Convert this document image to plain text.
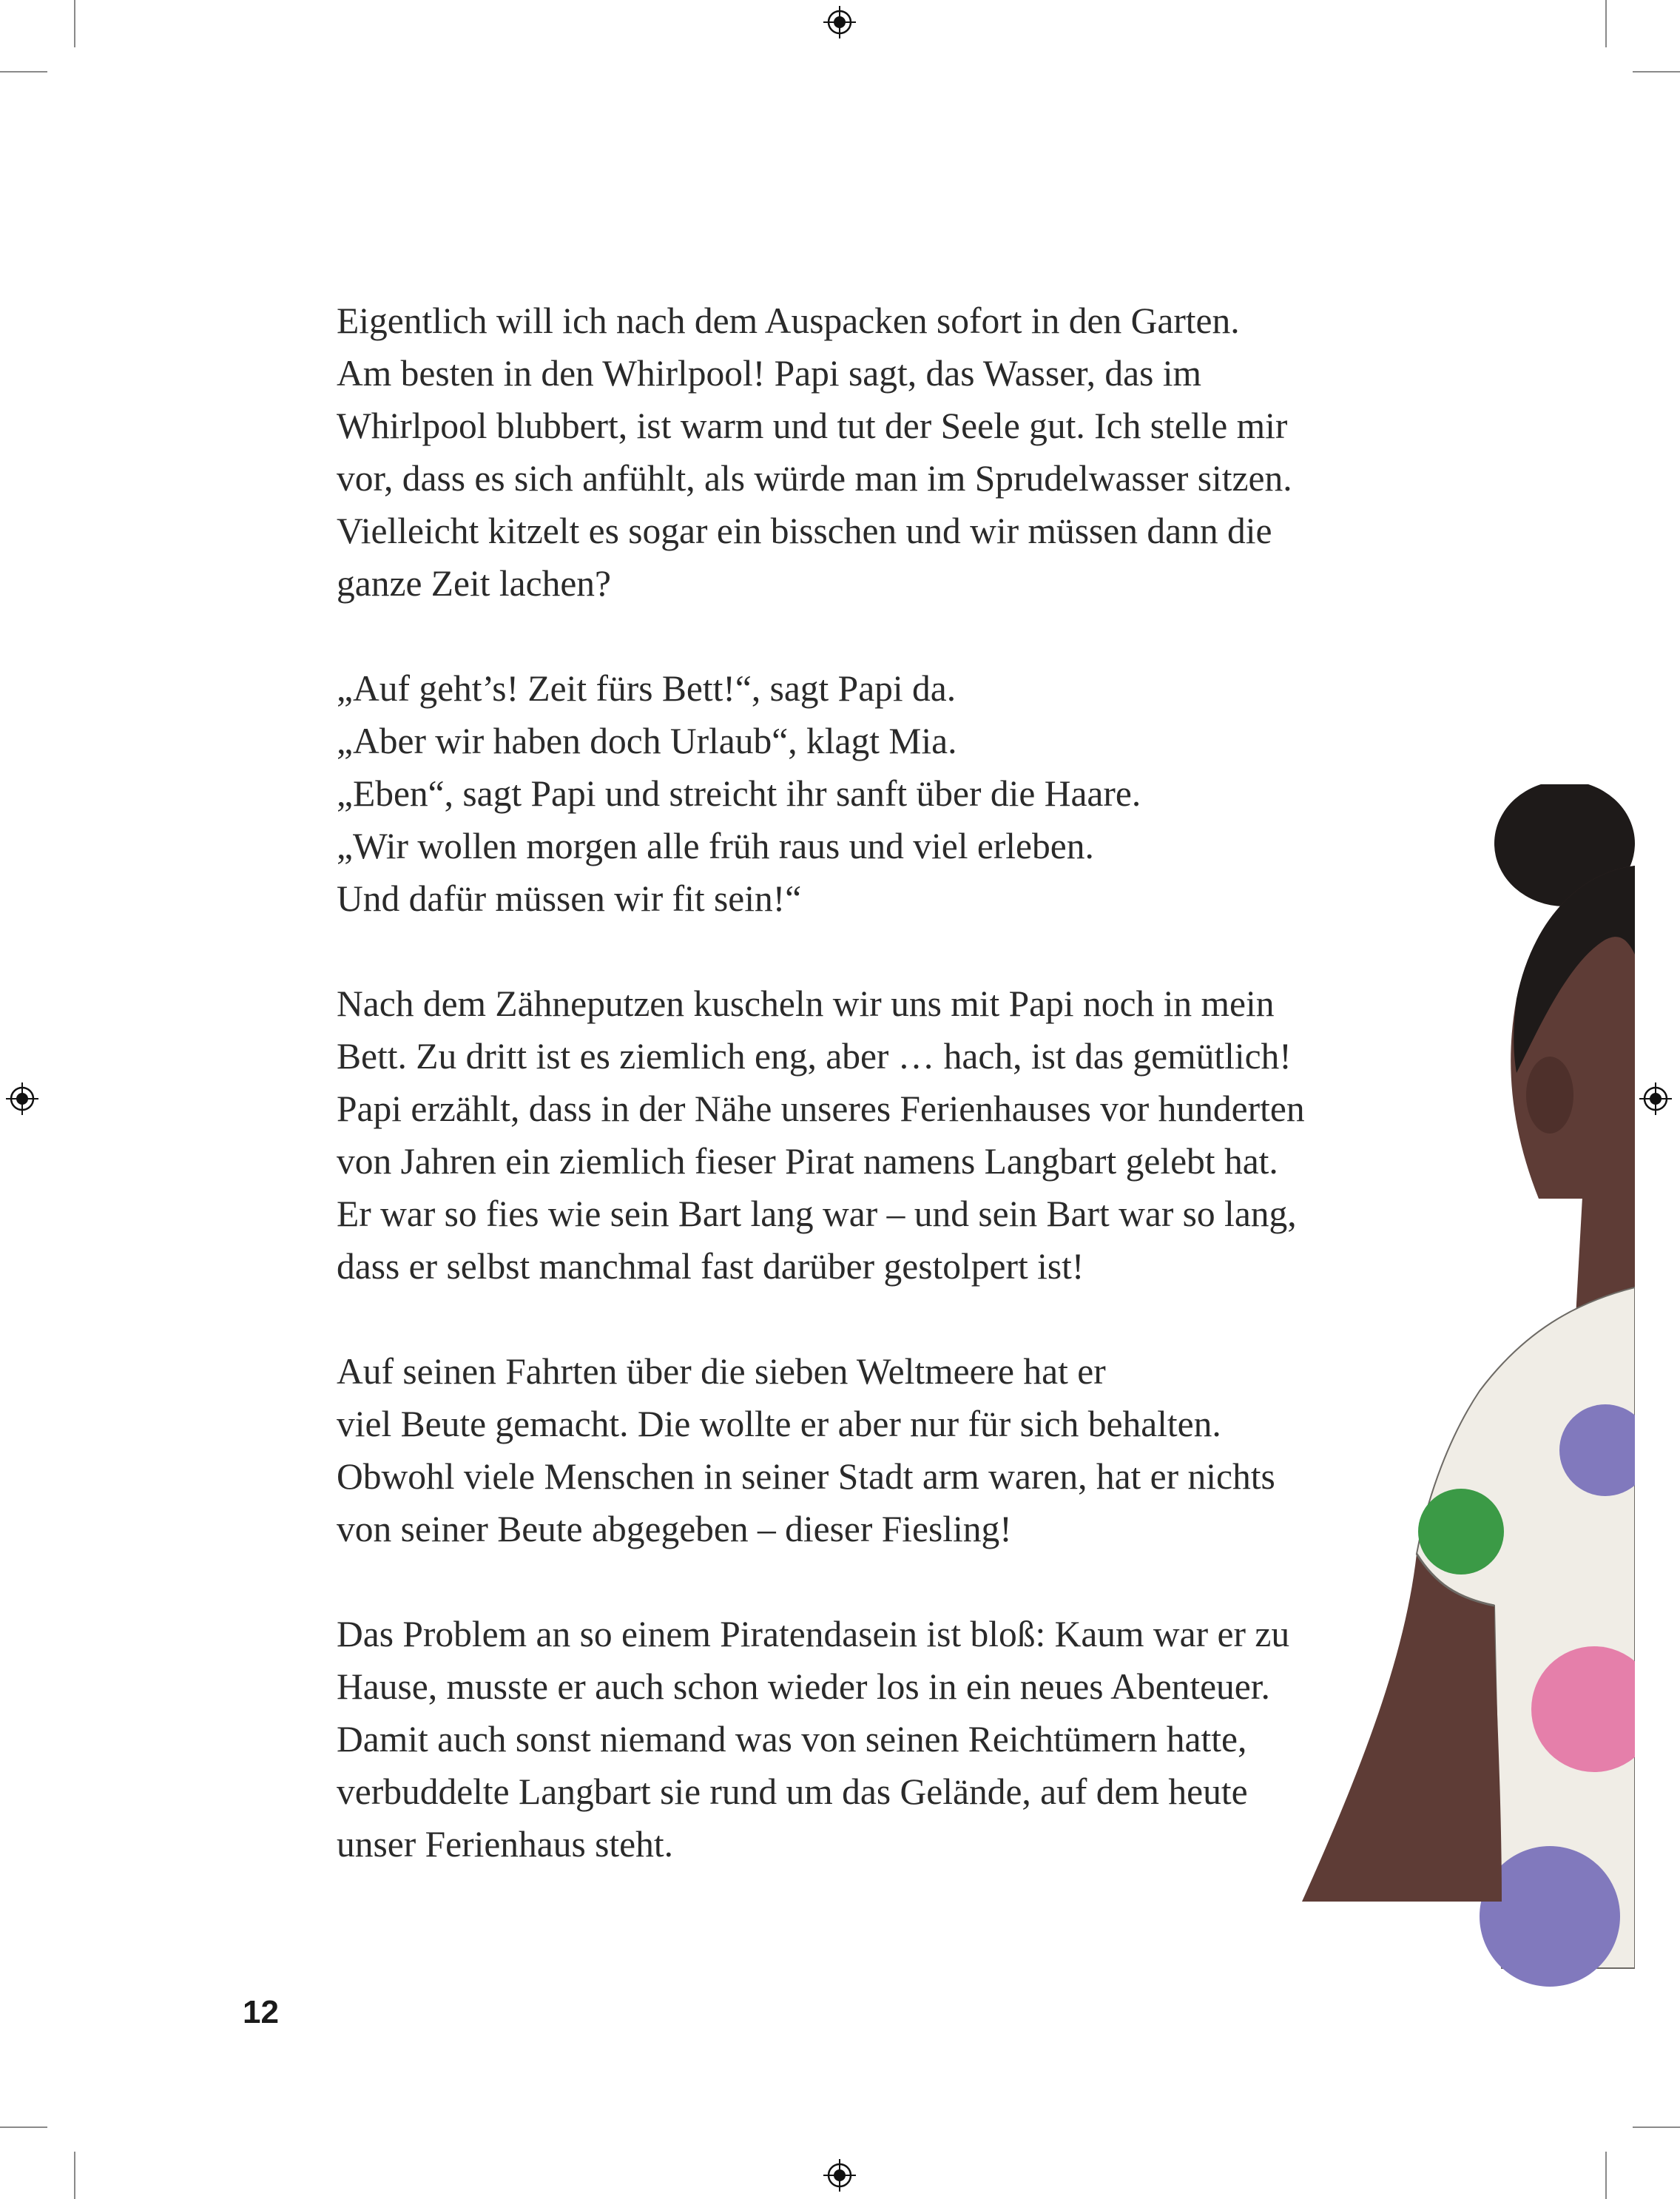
Eigentlich will ich nach dem Auspacken sofort in den Garten.
Am besten in den Whirlpool! Papi sagt, das Wasser, das im
Whirlpool blubbert, ist warm und tut der Seele gut. Ich stelle mir
vor, dass es sich anfühlt, als würde man im Sprudelwasser sitzen.
Vielleicht kitzelt es sogar ein bisschen und wir müssen dann die
ganze Zeit lachen?

„Auf geht’s! Zeit fürs Bett!“, sagt Papi da.
„Aber wir haben doch Urlaub“, klagt Mia.
„Eben“, sagt Papi und streicht ihr sanft über die Haare.
„Wir wollen morgen alle früh raus und viel erleben.
Und dafür müssen wir fit sein!“

Nach dem Zähneputzen kuscheln wir uns mit Papi noch in mein
Bett. Zu dritt ist es ziemlich eng, aber … hach, ist das gemütlich!
Papi erzählt, dass in der Nähe unseres Ferienhauses vor hunderten
von Jahren ein ziemlich fieser Pirat namens Langbart gelebt hat.
Er war so fies wie sein Bart lang war – und sein Bart war so lang,
dass er selbst manchmal fast darüber gestolpert ist!

Auf seinen Fahrten über die sieben Weltmeere hat er
viel Beute gemacht. Die wollte er aber nur für sich behalten.
Obwohl viele Menschen in seiner Stadt arm waren, hat er nichts
von seiner Beute abgegeben – dieser Fiesling!

Das Problem an so einem Piratendasein ist bloß: Kaum war er zu
Hause, musste er auch schon wieder los in ein neues Abenteuer.
Damit auch sonst niemand was von seinen Reichtümern hatte,
verbuddelte Langbart sie rund um das Gelände, auf dem heute
unser Ferienhaus steht.

12
